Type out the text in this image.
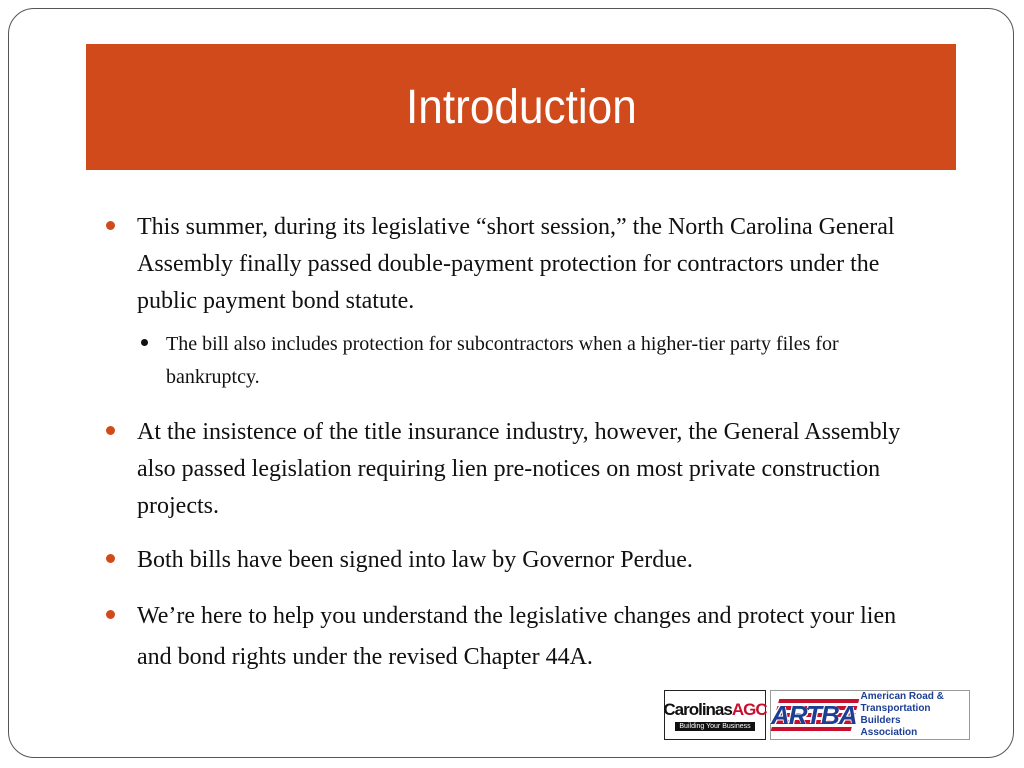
Introduction
This summer, during its legislative “short session,” the North Carolina General Assembly finally passed double-payment protection for contractors under the public payment bond statute.
The bill also includes protection for subcontractors when a higher-tier party files for bankruptcy.
At the insistence of the title insurance industry, however, the General Assembly also passed legislation requiring lien pre-notices on most private construction projects.
Both bills have been signed into law by Governor Perdue.
We’re here to help you understand the legislative changes and protect your lien and bond rights under the revised Chapter 44A.
CarolinasAGC
Building Your Business ARTBA
American Road &
Transportation Builders
Association
